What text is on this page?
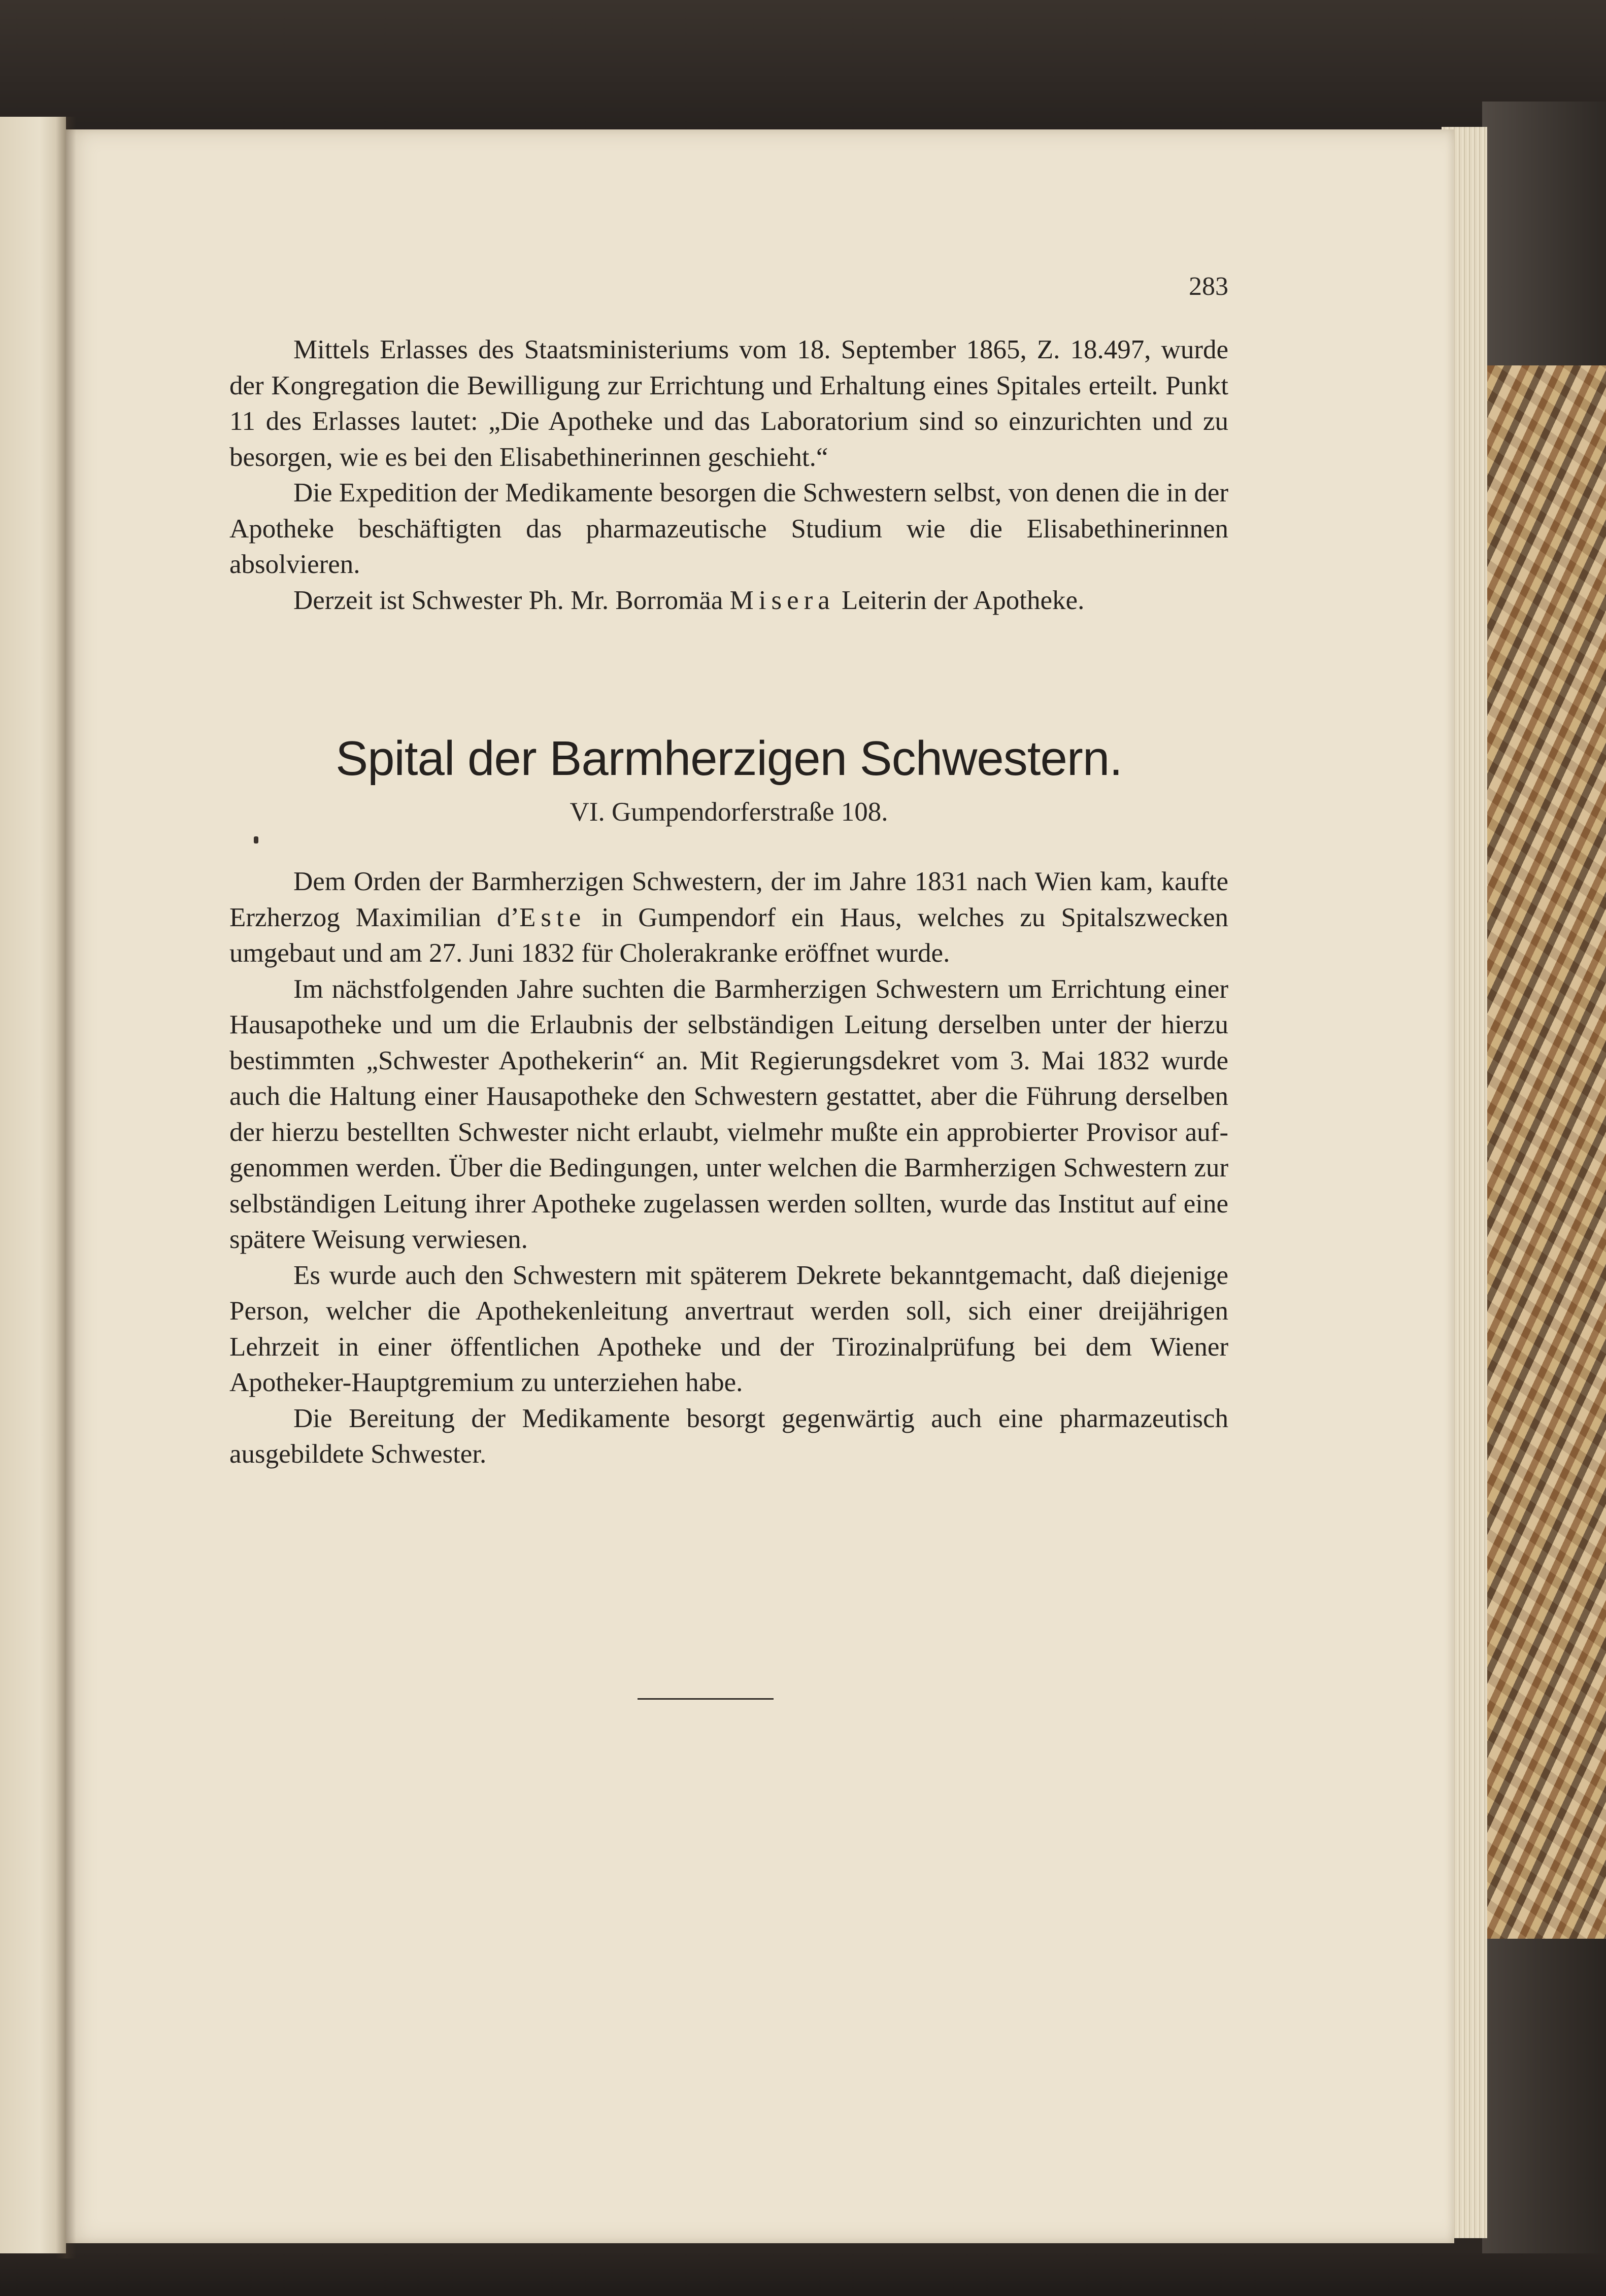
283

Mittels Erlasses des Staatsministeriums vom 18. September 1865, Z. 18.497, wurde der Kongregation die Bewilligung zur Errichtung und Erhaltung eines Spitales erteilt. Punkt 11 des Erlasses lautet: „Die Apotheke und das Laboratorium sind so einzurichten und zu besorgen, wie es bei den Elisabethinerinnen geschieht.“

Die Expedition der Medikamente besorgen die Schwestern selbst, von denen die in der Apotheke beschäftigten das pharmazeutische Studium wie die Elisabethinerinnen absolvieren.

Derzeit ist Schwester Ph. Mr. Borromäa Misera Leiterin der Apotheke.

Spital der Barmherzigen Schwestern.

VI. Gumpendorferstraße 108.

Dem Orden der Barmherzigen Schwestern, der im Jahre 1831 nach Wien kam, kaufte Erzherzog Maximilian d’Este in Gumpendorf ein Haus, welches zu Spitalszwecken umgebaut und am 27. Juni 1832 für Cholerakranke eröffnet wurde.

Im nächstfolgenden Jahre suchten die Barmherzigen Schwestern um Errichtung einer Hausapotheke und um die Erlaubnis der selbständigen Leitung derselben unter der hierzu bestimmten „Schwester Apothekerin“ an. Mit Regierungsdekret vom 3. Mai 1832 wurde auch die Haltung einer Hausapotheke den Schwestern gestattet, aber die Führung derselben der hierzu bestellten Schwester nicht erlaubt, vielmehr mußte ein approbierter Provisor aufgenommen werden. Über die Bedingungen, unter welchen die Barmherzigen Schwestern zur selbständigen Leitung ihrer Apotheke zugelassen werden sollten, wurde das Institut auf eine spätere Weisung verwiesen.

Es wurde auch den Schwestern mit späterem Dekrete bekanntgemacht, daß diejenige Person, welcher die Apothekenleitung anvertraut werden soll, sich einer dreijährigen Lehrzeit in einer öffentlichen Apotheke und der Tirozinalprüfung bei dem Wiener Apotheker-Hauptgremium zu unterziehen habe.

Die Bereitung der Medikamente besorgt gegenwärtig auch eine pharmazeutisch ausgebildete Schwester.
